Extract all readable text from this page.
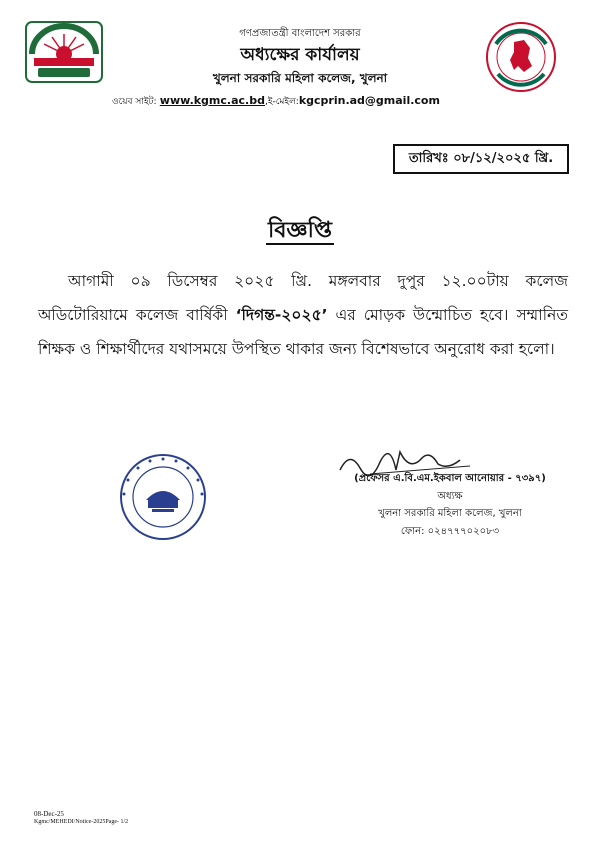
গণপ্রজাতন্ত্রী বাংলাদেশ সরকার
অধ্যক্ষের কার্যালয়
খুলনা সরকারি মহিলা কলেজ, খুলনা
ওয়েব সাইট: www.kgmc.ac.bd,ই-মেইল:kgcprin.ad@gmail.com
তারিখঃ ০৮/১২/২০২৫ খ্রি.
বিজ্ঞপ্তি
আগামী ০৯ ডিসেম্বর ২০২৫ খ্রি. মঙ্গলবার দুপুর ১২.০০টায় কলেজ অডিটোরিয়ামে কলেজ বার্ষিকী ‘দিগন্ত-২০২৫’ এর মোড়ক উন্মোচিত হবে। সম্মানিত শিক্ষক ও শিক্ষার্থীদের যথাসময়ে উপস্থিত থাকার জন্য বিশেষভাবে অনুরোধ করা হলো।
(প্রফেসর এ.বি.এম.ইকবাল আনোয়ার - ৭৩৯৭)
অধ্যক্ষ
খুলনা সরকারি মহিলা কলেজ, খুলনা
ফোন: ০২৪৭৭৭০২০৮৩
08-Dec-25
Kgmc/MEHEDI/Notice-2025Page- 1/2
